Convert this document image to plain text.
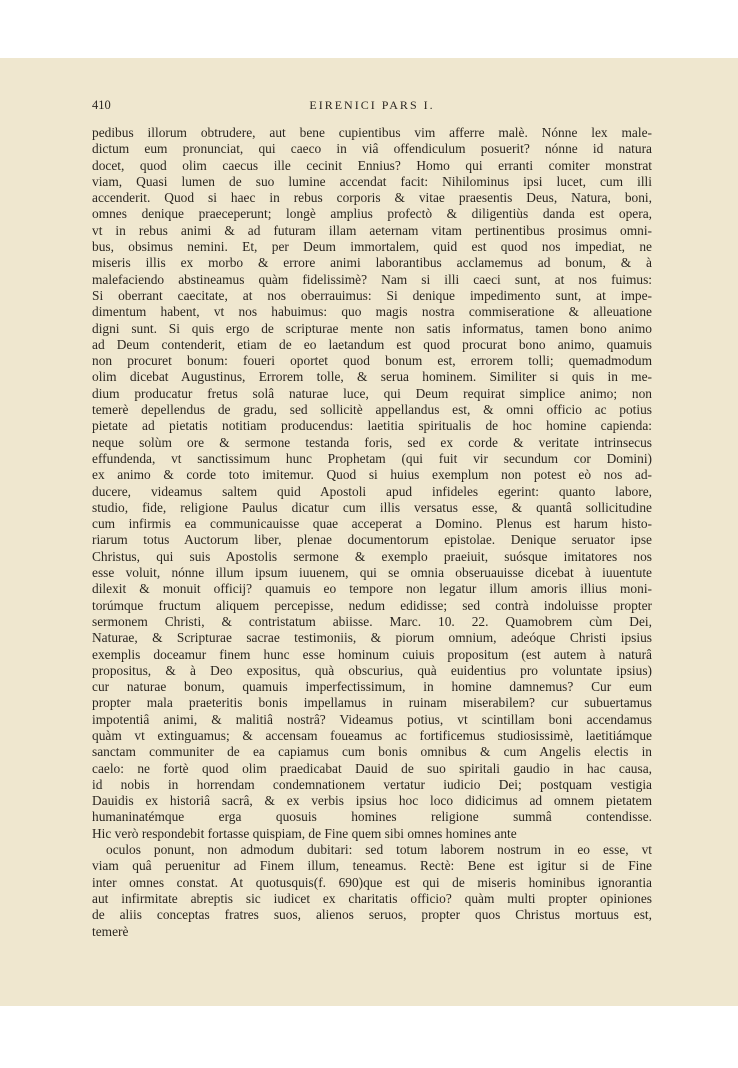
410	EIRENICI PARS I.
pedibus illorum obtrudere, aut bene cupientibus vim afferre malè. Nónne lex male-
dictum eum pronunciat, qui caeco in viâ offendiculum posuerit? nónne id natura
docet, quod olim caecus ille cecinit Ennius? Homo qui erranti comiter monstrat
viam, Quasi lumen de suo lumine accendat facit: Nihilominus ipsi lucet, cum illi
accenderit. Quod si haec in rebus corporis & vitae praesentis Deus, Natura, boni,
omnes denique praeceperunt; longè amplius profectò & diligentiùs danda est opera,
vt in rebus animi & ad futuram illam aeternam vitam pertinentibus prosimus omni-
bus, obsimus nemini. Et, per Deum immortalem, quid est quod nos impediat, ne
miseris illis ex morbo & errore animi laborantibus acclamemus ad bonum, & à
malefaciendo abstineamus quàm fidelissimè? Nam si illi caeci sunt, at nos fuimus:
Si oberrant caecitate, at nos oberrauimus: Si denique impedimento sunt, at impe-
dimentum habent, vt nos habuimus: quo magis nostra commiseratione & alleuatione
digni sunt. Si quis ergo de scripturae mente non satis informatus, tamen bono animo
ad Deum contenderit, etiam de eo laetandum est quod procurat bono animo, quamuis
non procuret bonum: foueri oportet quod bonum est, errorem tolli; quemadmodum
olim dicebat Augustinus, Errorem tolle, & serua hominem. Similiter si quis in me-
dium producatur fretus solâ naturae luce, qui Deum requirat simplice animo; non
temerè depellendus de gradu, sed sollicitè appellandus est, & omni officio ac potius
pietate ad pietatis notitiam producendus: laetitia spiritualis de hoc homine capienda:
neque solùm ore & sermone testanda foris, sed ex corde & veritate intrinsecus
effundenda, vt sanctissimum hunc Prophetam (qui fuit vir secundum cor Domini)
ex animo & corde toto imitemur. Quod si huius exemplum non potest eò nos ad-
ducere, videamus saltem quid Apostoli apud infideles egerint: quanto labore,
studio, fide, religione Paulus dicatur cum illis versatus esse, & quantâ sollicitudine
cum infirmis ea communicauisse quae acceperat a Domino. Plenus est harum histo-
riarum totus Auctorum liber, plenae documentorum epistolae. Denique seruator ipse
Christus, qui suis Apostolis sermone & exemplo praeiuit, suósque imitatores nos
esse voluit, nónne illum ipsum iuuenem, qui se omnia obseruauisse dicebat à iuuentute
dilexit & monuit officij? quamuis eo tempore non legatur illum amoris illius moni-
torúmque fructum aliquem percepisse, nedum edidisse; sed contrà indoluisse propter
sermonem Christi, & contristatum abiisse. Marc. 10. 22. Quamobrem cùm Dei,
Naturae, & Scripturae sacrae testimoniis, & piorum omnium, adeóque Christi ipsius
exemplis doceamur finem hunc esse hominum cuiuis propositum (est autem à naturâ
propositus, & à Deo expositus, quà obscurius, quà euidentius pro voluntate ipsius)
cur naturae bonum, quamuis imperfectissimum, in homine damnemus? Cur eum
propter mala praeteritis bonis impellamus in ruinam miserabilem? cur subuertamus
impotentiâ animi, & malitiâ nostrâ? Videamus potius, vt scintillam boni accendamus
quàm vt extinguamus; & accensam foueamus ac fortificemus studiosissimè, laetitiámque
sanctam communiter de ea capiamus cum bonis omnibus & cum Angelis electis in
caelo: ne fortè quod olim praedicabat Dauid de suo spiritali gaudio in hac causa,
id nobis in horrendam condemnationem vertatur iudicio Dei; postquam vestigia
Dauidis ex historiâ sacrâ, & ex verbis ipsius hoc loco didicimus ad omnem pietatem
humaninatémque erga quosuis homines religione summâ contendisse.
Hic verò respondebit fortasse quispiam, de Fine quem sibi omnes homines ante
oculos ponunt, non admodum dubitari: sed totum laborem nostrum in eo esse, vt
viam quâ peruenitur ad Finem illum, teneamus. Rectè: Bene est igitur si de Fine
inter omnes constat. At quotusquis(f. 690)que est qui de miseris hominibus ignorantia
aut infirmitate abreptis sic iudicet ex charitatis officio? quàm multi propter opiniones
de aliis conceptas fratres suos, alienos seruos, propter quos Christus mortuus est,
temerè
